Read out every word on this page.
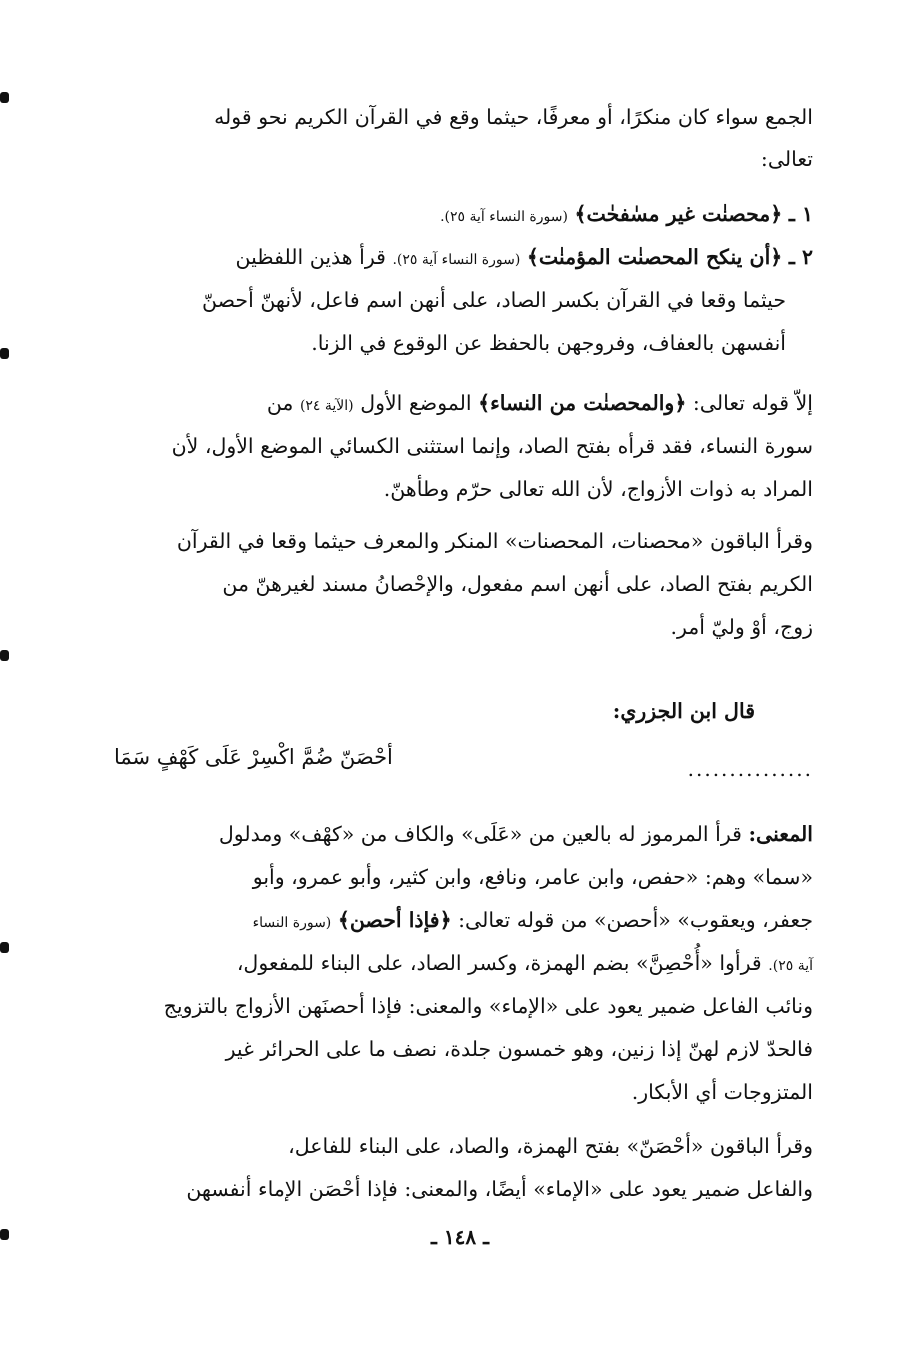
الجمع سواء كان منكرًا، أو معرفًا، حيثما وقع في القرآن الكريم نحو قوله
تعالى:
١ ـ ﴿محصنٰت غير مسٰفحٰت﴾ (سورة النساء آية ٢٥).
٢ ـ ﴿أن ينكح المحصنٰت المؤمنٰت﴾ (سورة النساء آية ٢٥). قرأ هذين اللفظين
حيثما وقعا في القرآن بكسر الصاد، على أنهن اسم فاعل، لأنهنّ أحصنّ
أنفسهن بالعفاف، وفروجهن بالحفظ عن الوقوع في الزنا.
إلاّ قوله تعالى: ﴿والمحصنٰت من النساء﴾ الموضع الأول (الآية ٢٤) من
سورة النساء، فقد قرأه بفتح الصاد، وإنما استثنى الكسائي الموضع الأول، لأن
المراد به ذوات الأزواج، لأن الله تعالى حرّم وطأهنّ.
وقرأ الباقون «محصنات، المحصنات» المنكر والمعرف حيثما وقعا في القرآن
الكريم بفتح الصاد، على أنهن اسم مفعول، والإحْصانُ مسند لغيرهنّ من
زوج، أوْ وليّ أمر.
قال ابن الجزري:
...............
أحْصَنّ ضُمَّ اكْسِرْ عَلَى كَهْفٍ سَمَا
المعنى: قرأ المرموز له بالعين من «عَلَى» والكاف من «كهْف» ومدلول
«سما» وهم: «حفص، وابن عامر، ونافع، وابن كثير، وأبو عمرو، وأبو
جعفر، ويعقوب» «أحصن» من قوله تعالى: ﴿فإذا أحصن﴾ (سورة النساء
آية ٢٥). قرأوا «أُحْصِنَّ» بضم الهمزة، وكسر الصاد، على البناء للمفعول،
ونائب الفاعل ضمير يعود على «الإماء» والمعنى: فإذا أحصنَهن الأزواج بالتزويج
فالحدّ لازم لهنّ إذا زنين، وهو خمسون جلدة، نصف ما على الحرائر غير
المتزوجات أي الأبكار.
وقرأ الباقون «أحْصَنّ» بفتح الهمزة، والصاد، على البناء للفاعل،
والفاعل ضمير يعود على «الإماء» أيضًا، والمعنى: فإذا أحْصَن الإماء أنفسهن
ـ ١٤٨ ـ
